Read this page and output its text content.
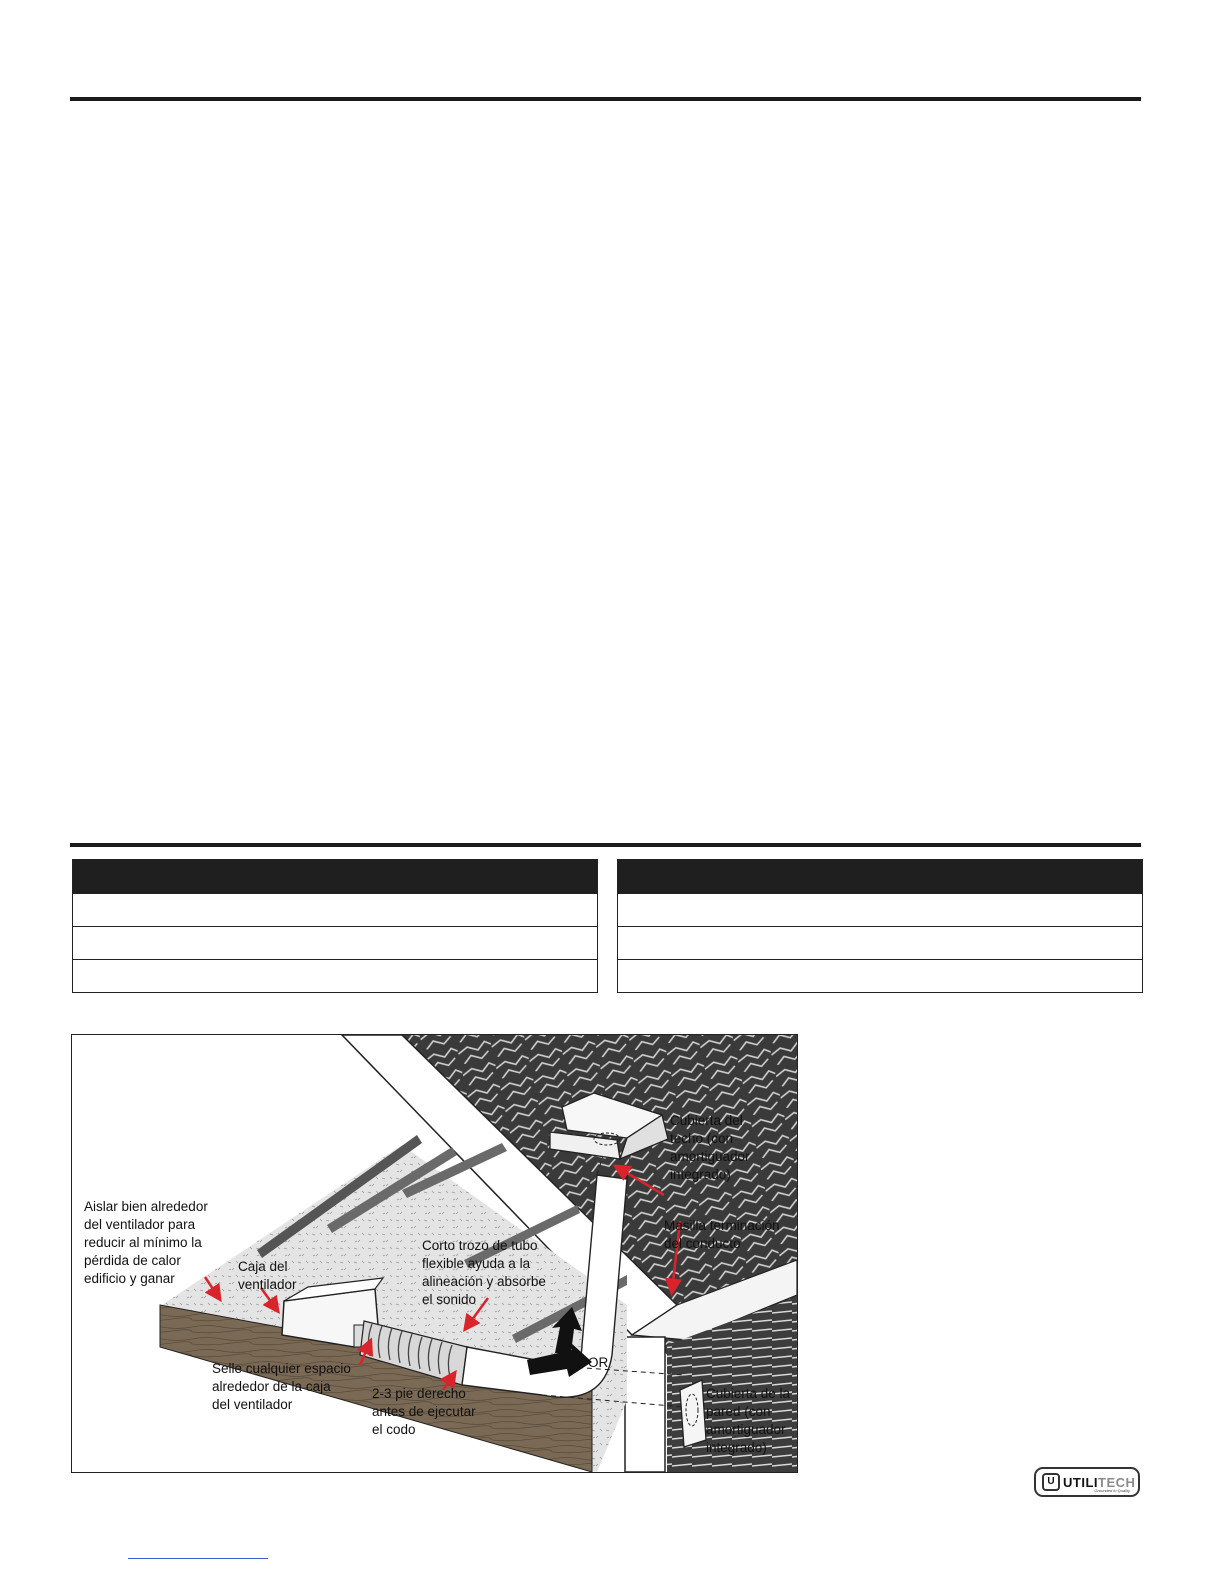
Cubierta del
techo (con
amortiguador
integrado)
Masilla terminación
del conducto
Aislar bien alrededor
del ventilador para
reducir al mínimo la
pérdida de calor
edificio y ganar
Caja del
ventilador
Corto trozo de tubo
flexible ayuda a la
alineación y absorbe
el sonido
OR
Selle cualquier espacio
alrededor de la caja
del ventilador
2-3 pie derecho
antes de ejecutar
el codo
Cubierta de la
pared (con
amortiguador
integrado)
U UTILITECH
Grounded in Quality
